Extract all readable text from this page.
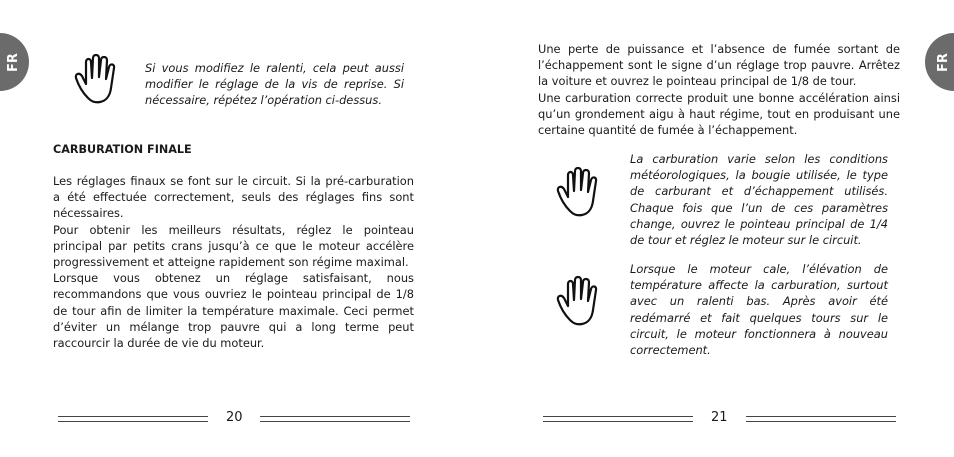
FR	FR
Si vous modifiez le ralenti, cela peut aussi modifier le réglage de la vis de reprise. Si nécessaire, répétez l’opération ci-dessus.
CARBURATION FINALE

Les réglages finaux se font sur le circuit. Si la pré-carburation a été effectuée correctement, seuls des réglages fins sont nécessaires.

Pour obtenir les meilleurs résultats, réglez le pointeau principal par petits crans jusqu’à ce que le moteur accélère progressivement et atteigne rapidement son régime maximal.

Lorsque vous obtenez un réglage satisfaisant, nous recommandons que vous ouvriez le pointeau principal de 1/8 de tour afin de limiter la température maximale. Ceci permet d’éviter un mélange trop pauvre qui a long terme peut raccourcir la durée de vie du moteur.

20

Une perte de puissance et l’absence de fumée sortant de l’échappement sont le signe d’un réglage trop pauvre. Arrêtez la voiture et ouvrez le pointeau principal de 1/8 de tour.

Une carburation correcte produit une bonne accélération ainsi qu’un grondement aigu à haut régime, tout en produisant une certaine quantité de fumée à l’échappement.

La carburation varie selon les conditions météorologiques, la bougie utilisée, le type de carburant et d’échappement utilisés. Chaque fois que l’un de ces paramètres change, ouvrez le pointeau principal de 1/4 de tour et réglez le moteur sur le circuit.
Lorsque le moteur cale, l’élévation de température affecte la carburation, surtout avec un ralenti bas. Après avoir été redémarré et fait quelques tours sur le circuit, le moteur fonctionnera à nouveau correctement.
21
